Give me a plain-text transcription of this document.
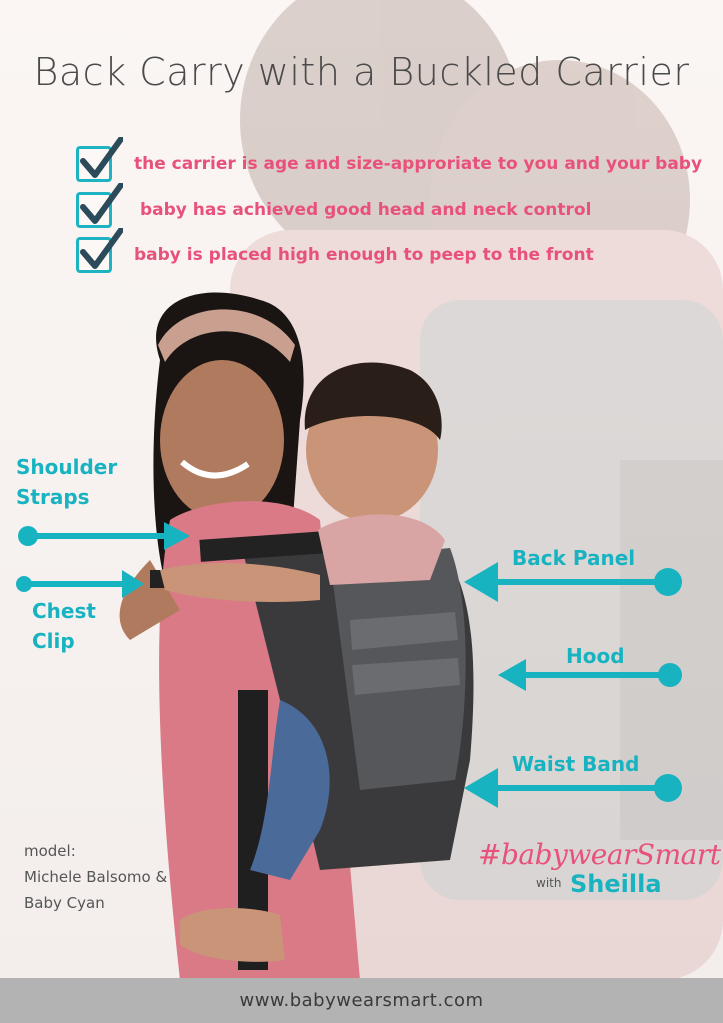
Back Carry with a Buckled Carrier
the carrier is age and size-approriate to you and your baby
baby has achieved good head and neck control
baby is placed high enough to peep to the front
Shoulder
Straps
Chest
Clip
Back Panel
Hood
Waist Band
model:
Michele Balsomo &
Baby Cyan
#babywearSmart
with Sheilla
www.babywearsmart.com
